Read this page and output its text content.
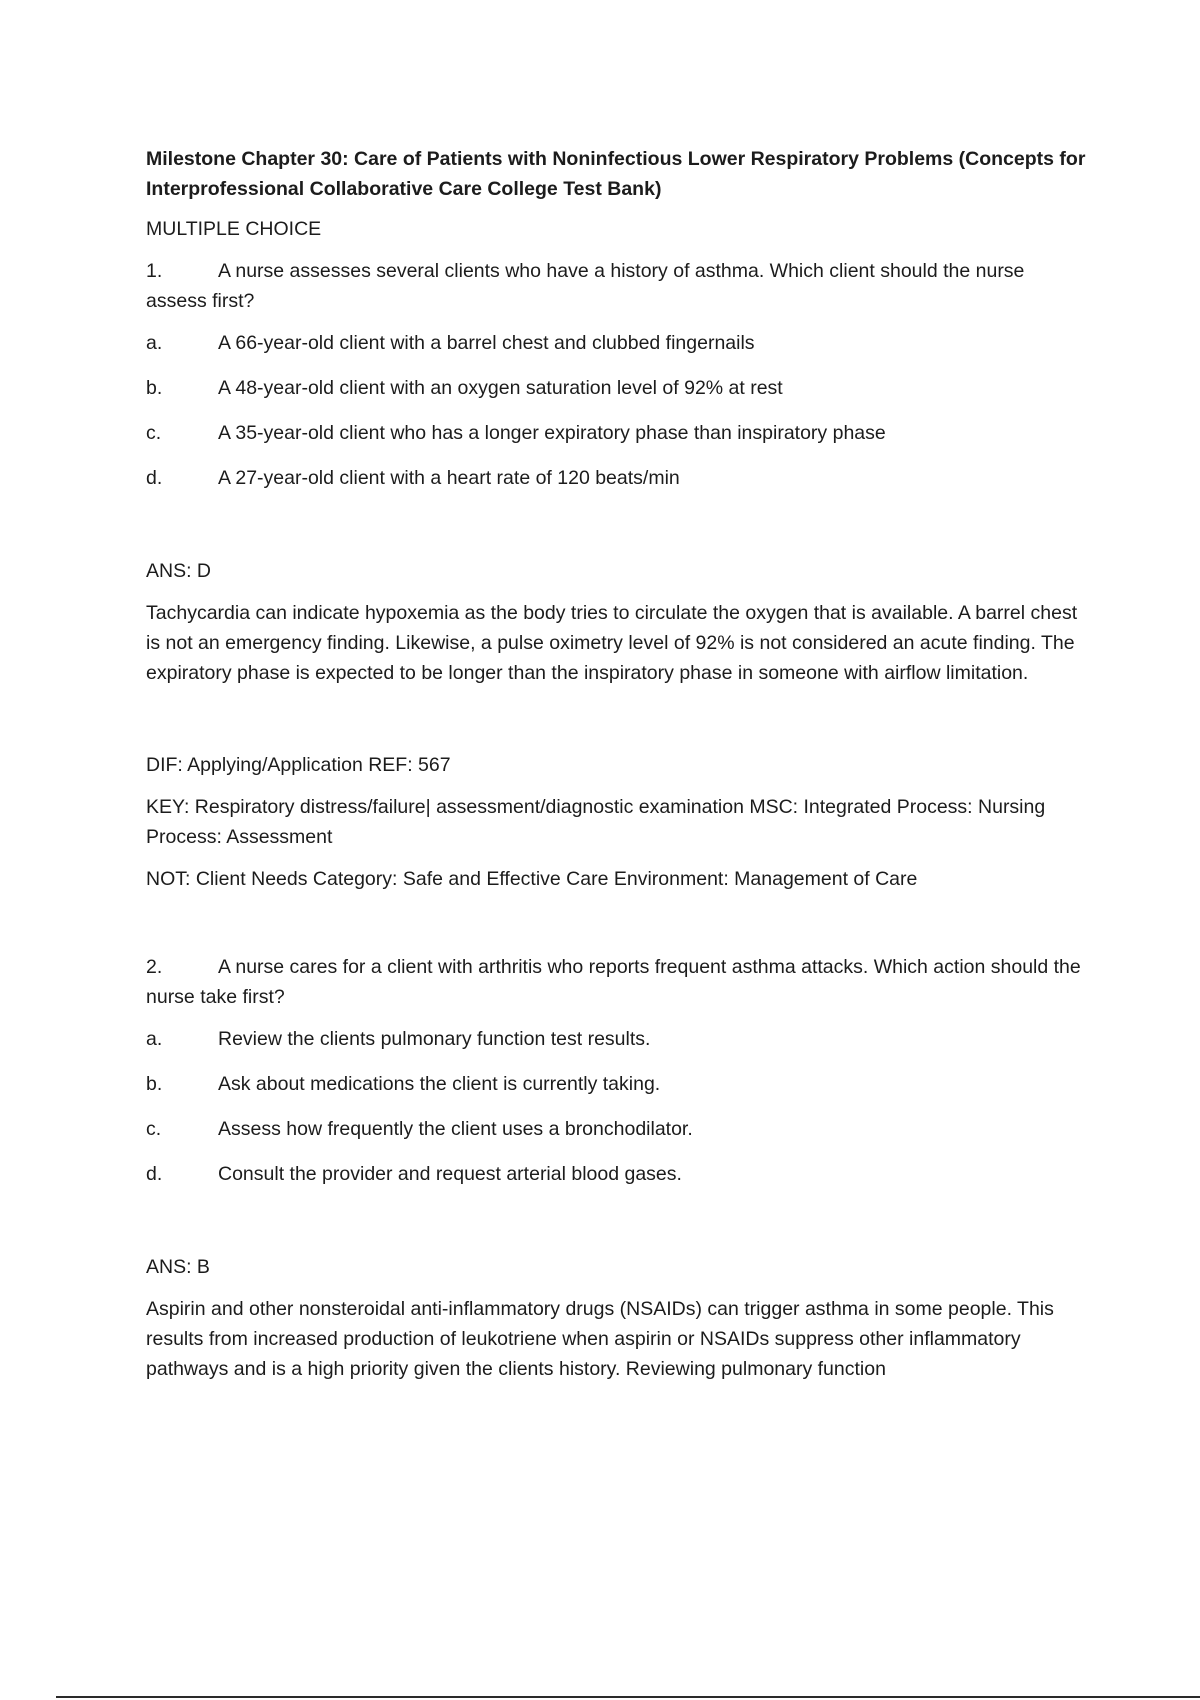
Milestone Chapter 30: Care of Patients with Noninfectious Lower Respiratory Problems (Concepts for Interprofessional Collaborative Care College Test Bank)

MULTIPLE CHOICE

1.	A nurse assesses several clients who have a history of asthma. Which client should the nurse assess first?

a.	A 66-year-old client with a barrel chest and clubbed fingernails
b.	A 48-year-old client with an oxygen saturation level of 92% at rest
c.	A 35-year-old client who has a longer expiratory phase than inspiratory phase
d.	A 27-year-old client with a heart rate of 120 beats/min

ANS: D

Tachycardia can indicate hypoxemia as the body tries to circulate the oxygen that is available. A barrel chest is not an emergency finding. Likewise, a pulse oximetry level of 92% is not considered an acute finding. The expiratory phase is expected to be longer than the inspiratory phase in someone with airflow limitation.

DIF: Applying/Application REF: 567

KEY: Respiratory distress/failure| assessment/diagnostic examination MSC: Integrated Process: Nursing Process: Assessment

NOT: Client Needs Category: Safe and Effective Care Environment: Management of Care

2.	A nurse cares for a client with arthritis who reports frequent asthma attacks. Which action should the nurse take first?

a.	Review the clients pulmonary function test results.
b.	Ask about medications the client is currently taking.
c.	Assess how frequently the client uses a bronchodilator.
d.	Consult the provider and request arterial blood gases.

ANS: B

Aspirin and other nonsteroidal anti-inflammatory drugs (NSAIDs) can trigger asthma in some people. This results from increased production of leukotriene when aspirin or NSAIDs suppress other inflammatory pathways and is a high priority given the clients history. Reviewing pulmonary function
